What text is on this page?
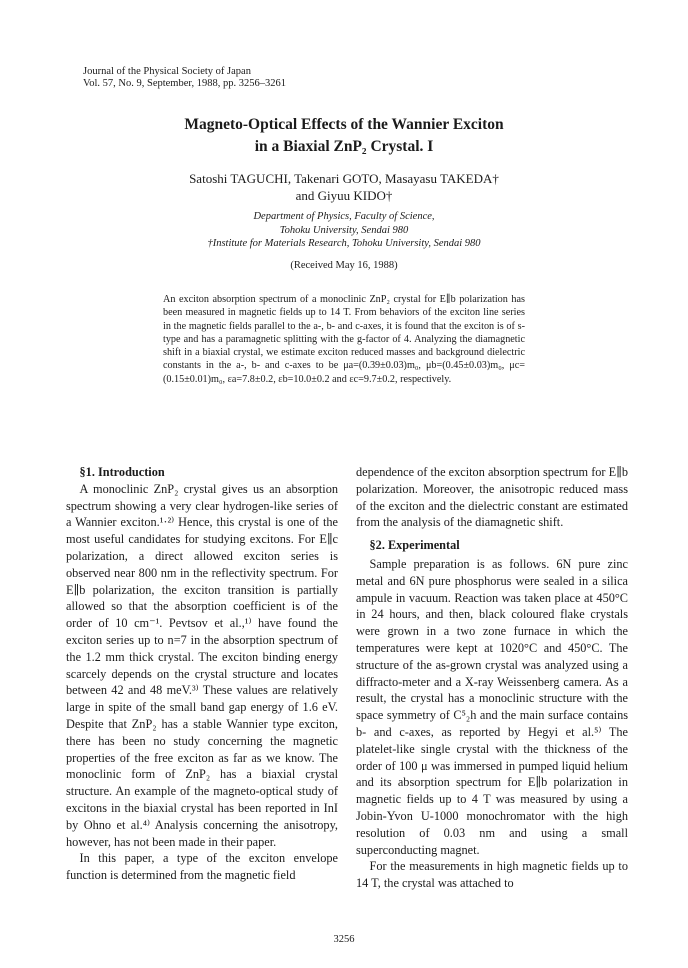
Journal of the Physical Society of Japan
Vol. 57, No. 9, September, 1988, pp. 3256–3261
Magneto-Optical Effects of the Wannier Exciton
in a Biaxial ZnP₂ Crystal. I
Satoshi TAGUCHI, Takenari GOTO, Masayasu TAKEDA†
and Giyuu KIDO†
Department of Physics, Faculty of Science,
Tohoku University, Sendai 980
†Institute for Materials Research, Tohoku University, Sendai 980
(Received May 16, 1988)
An exciton absorption spectrum of a monoclinic ZnP₂ crystal for E∥b polarization has been measured in magnetic fields up to 14 T. From behaviors of the exciton line series in the magnetic fields parallel to the a-, b- and c-axes, it is found that the exciton is of s-type and has a paramagnetic splitting with the g-factor of 4. Analyzing the diamagnetic shift in a biaxial crystal, we estimate exciton reduced masses and background dielectric constants in the a-, b- and c-axes to be μa=(0.39±0.03)m₀, μb=(0.45±0.03)m₀, μc=(0.15±0.01)m₀, εa=7.8±0.2, εb=10.0±0.2 and εc=9.7±0.2, respectively.

§1. Introduction

A monoclinic ZnP₂ crystal gives us an absorption spectrum showing a very clear hydrogen-like series of a Wannier exciton.¹·²⁾ Hence, this crystal is one of the most useful candidates for studying excitons. For E∥c polarization, a direct allowed exciton series is observed near 800 nm in the reflectivity spectrum. For E∥b polarization, the exciton transition is partially allowed so that the absorption coefficient is of the order of 10 cm⁻¹. Pevtsov et al.,¹⁾ have found the exciton series up to n=7 in the absorption spectrum of the 1.2 mm thick crystal. The exciton binding energy scarcely depends on the crystal structure and locates between 42 and 48 meV.³⁾ These values are relatively large in spite of the small band gap energy of 1.6 eV. Despite that ZnP₂ has a stable Wannier type exciton, there has been no study concerning the magnetic properties of the free exciton as far as we know. The monoclinic form of ZnP₂ has a biaxial crystal structure. An example of the magneto-optical study of excitons in the biaxial crystal has been reported in InI by Ohno et al.⁴⁾ Analysis concerning the anisotropy, however, has not been made in their paper.

In this paper, a type of the exciton envelope function is determined from the magnetic field

dependence of the exciton absorption spectrum for E∥b polarization. Moreover, the anisotropic reduced mass of the exciton and the dielectric constant are estimated from the analysis of the diamagnetic shift.

§2. Experimental

Sample preparation is as follows. 6N pure zinc metal and 6N pure phosphorus were sealed in a silica ampule in vacuum. Reaction was taken place at 450°C in 24 hours, and then, black coloured flake crystals were grown in a two zone furnace in which the temperatures were kept at 1020°C and 450°C. The structure of the as-grown crystal was analyzed using a diffracto-meter and a X-ray Weissenberg camera. As a result, the crystal has a monoclinic structure with the space symmetry of C⁵₂h and the main surface contains b- and c-axes, as reported by Hegyi et al.⁵⁾ The platelet-like single crystal with the thickness of the order of 100 μ was immersed in pumped liquid helium and its absorption spectrum for E∥b polarization in magnetic fields up to 4 T was measured by using a Jobin-Yvon U-1000 monochromator with the high resolution of 0.03 nm and using a small superconducting magnet.

For the measurements in high magnetic fields up to 14 T, the crystal was attached to

3256
